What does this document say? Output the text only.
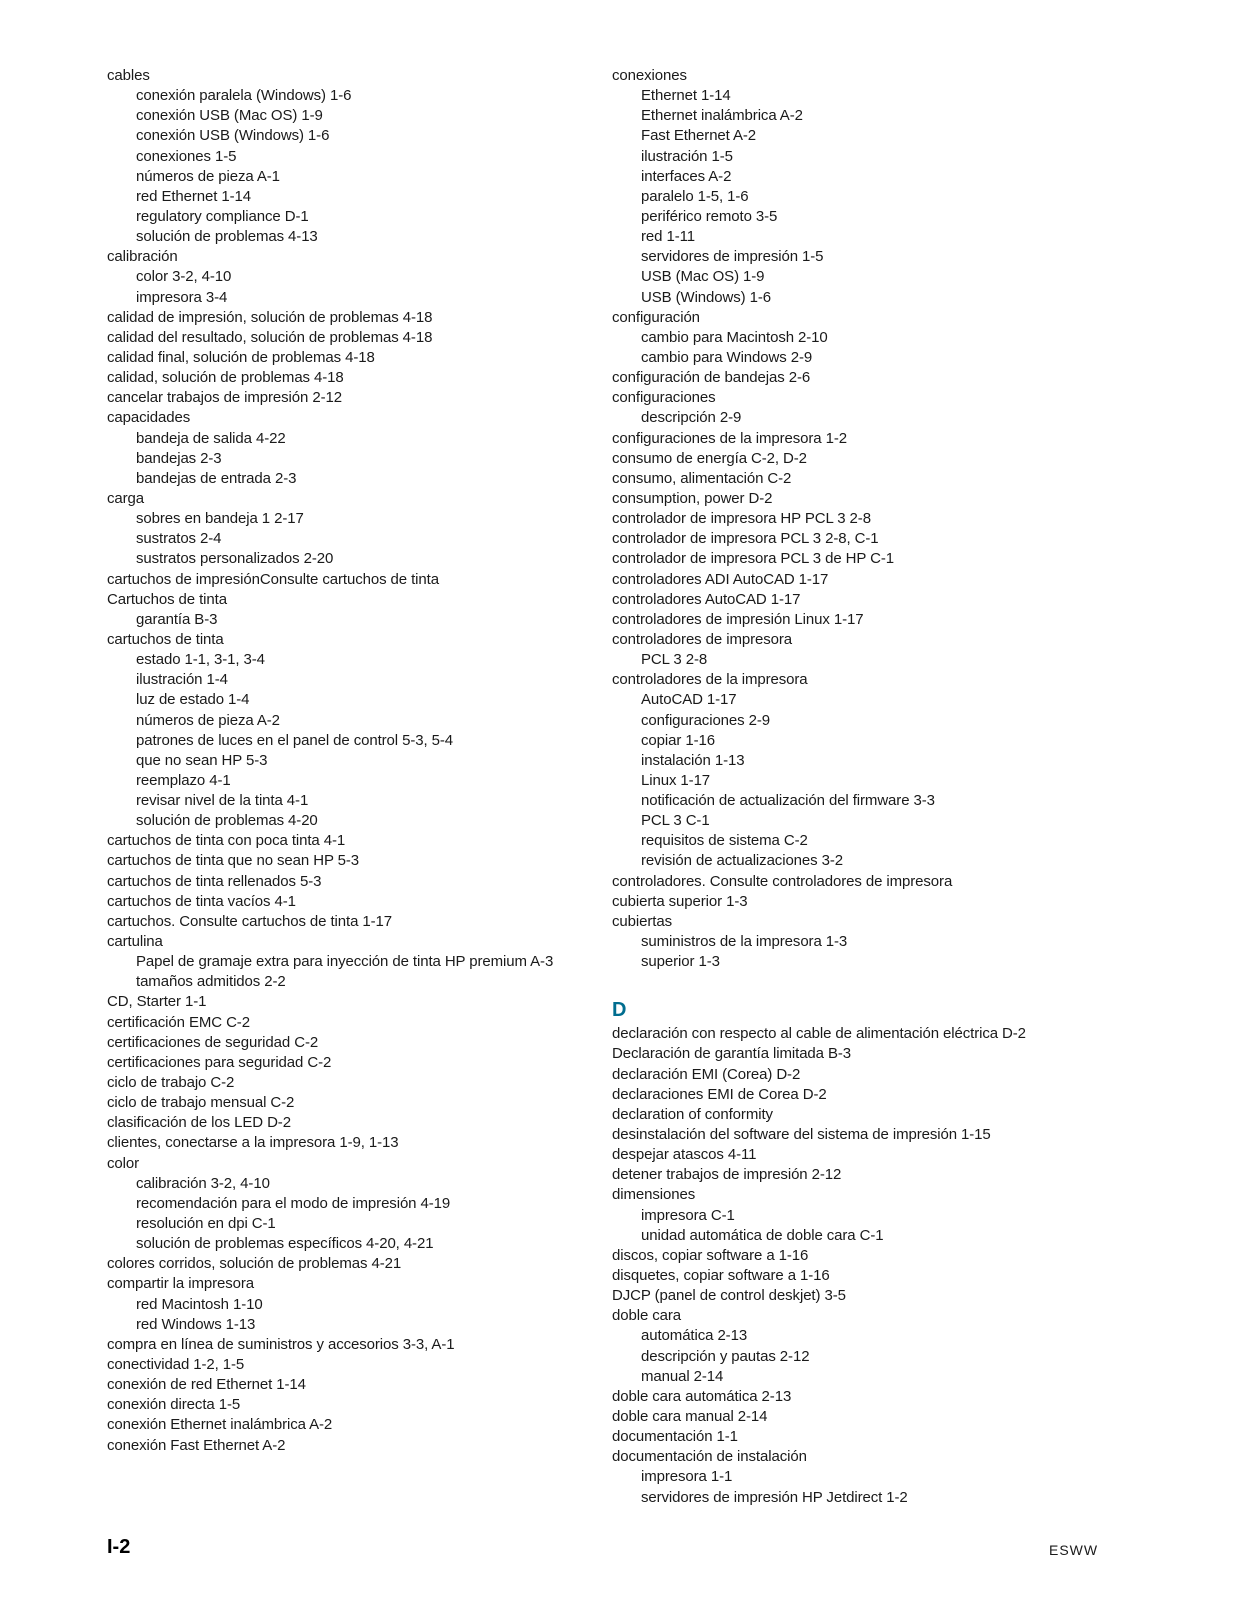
cables
conexión paralela (Windows) 1-6
conexión USB (Mac OS) 1-9
conexión USB (Windows) 1-6
conexiones 1-5
números de pieza A-1
red Ethernet 1-14
regulatory compliance D-1
solución de problemas 4-13
calibración
color 3-2, 4-10
impresora 3-4
calidad de impresión, solución de problemas 4-18
calidad del resultado, solución de problemas 4-18
calidad final, solución de problemas 4-18
calidad, solución de problemas 4-18
cancelar trabajos de impresión 2-12
capacidades
bandeja de salida 4-22
bandejas 2-3
bandejas de entrada 2-3
carga
sobres en bandeja 1 2-17
sustratos 2-4
sustratos personalizados 2-20
cartuchos de impresiónConsulte cartuchos de tinta
Cartuchos de tinta
garantía B-3
cartuchos de tinta
estado 1-1, 3-1, 3-4
ilustración 1-4
luz de estado 1-4
números de pieza A-2
patrones de luces en el panel de control 5-3, 5-4
que no sean HP 5-3
reemplazo 4-1
revisar nivel de la tinta 4-1
solución de problemas 4-20
cartuchos de tinta con poca tinta 4-1
cartuchos de tinta que no sean HP 5-3
cartuchos de tinta rellenados 5-3
cartuchos de tinta vacíos 4-1
cartuchos. Consulte cartuchos de tinta 1-17
cartulina
Papel de gramaje extra para inyección de tinta HP premium A-3
tamaños admitidos 2-2
CD, Starter 1-1
certificación EMC C-2
certificaciones de seguridad C-2
certificaciones para seguridad C-2
ciclo de trabajo C-2
ciclo de trabajo mensual C-2
clasificación de los LED D-2
clientes, conectarse a la impresora 1-9, 1-13
color
calibración 3-2, 4-10
recomendación para el modo de impresión 4-19
resolución en dpi C-1
solución de problemas específicos 4-20, 4-21
colores corridos, solución de problemas 4-21
compartir la impresora
red Macintosh 1-10
red Windows 1-13
compra en línea de suministros y accesorios 3-3, A-1
conectividad 1-2, 1-5
conexión de red Ethernet 1-14
conexión directa 1-5
conexión Ethernet inalámbrica A-2
conexión Fast Ethernet A-2
conexiones
Ethernet 1-14
Ethernet inalámbrica A-2
Fast Ethernet A-2
ilustración 1-5
interfaces A-2
paralelo 1-5, 1-6
periférico remoto 3-5
red 1-11
servidores de impresión 1-5
USB (Mac OS) 1-9
USB (Windows) 1-6
configuración
cambio para Macintosh 2-10
cambio para Windows 2-9
configuración de bandejas 2-6
configuraciones
descripción 2-9
configuraciones de la impresora 1-2
consumo de energía C-2, D-2
consumo, alimentación C-2
consumption, power D-2
controlador de impresora HP PCL 3 2-8
controlador de impresora PCL 3 2-8, C-1
controlador de impresora PCL 3 de HP C-1
controladores ADI AutoCAD 1-17
controladores AutoCAD 1-17
controladores de impresión Linux 1-17
controladores de impresora
PCL 3 2-8
controladores de la impresora
AutoCAD 1-17
configuraciones 2-9
copiar 1-16
instalación 1-13
Linux 1-17
notificación de actualización del firmware 3-3
PCL 3 C-1
requisitos de sistema C-2
revisión de actualizaciones 3-2
controladores. Consulte controladores de impresora
cubierta superior 1-3
cubiertas
suministros de la impresora 1-3
superior 1-3
D
declaración con respecto al cable de alimentación eléctrica D-2
Declaración de garantía limitada B-3
declaración EMI (Corea) D-2
declaraciones EMI de Corea D-2
declaration of conformity
desinstalación del software del sistema de impresión 1-15
despejar atascos 4-11
detener trabajos de impresión 2-12
dimensiones
impresora C-1
unidad automática de doble cara C-1
discos, copiar software a 1-16
disquetes, copiar software a 1-16
DJCP (panel de control deskjet) 3-5
doble cara
automática 2-13
descripción y pautas 2-12
manual 2-14
doble cara automática 2-13
doble cara manual 2-14
documentación 1-1
documentación de instalación
impresora 1-1
servidores de impresión HP Jetdirect 1-2
I-2	ESWW
